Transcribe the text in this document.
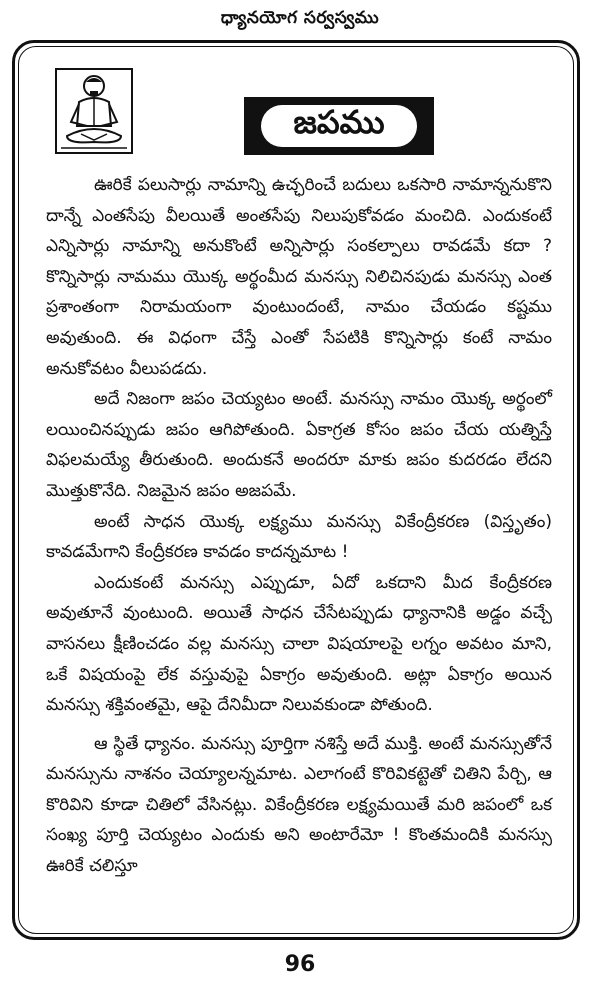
ధ్యానయోగ సర్వస్వము
జపము

ఊరికే పలుసార్లు నామాన్ని ఉచ్ఛరించే బదులు ఒకసారి నామాన్ననుకొని దాన్నే ఎంతసేపు వీలయితే అంతసేపు నిలుపుకోవడం మంచిది. ఎందుకంటే ఎన్నిసార్లు నామాన్ని అనుకొంటే అన్నిసార్లు సంకల్పాలు రావడమే కదా ? కొన్నిసార్లు నామము యొక్క అర్థంమీద మనస్సు నిలిచినపుడు మనస్సు ఎంత ప్రశాంతంగా నిరామయంగా వుంటుందంటే, నామం చేయడం కష్టము అవుతుంది. ఈ విధంగా చేస్తే ఎంతో సేపటికి కొన్నిసార్లు కంటే నామం అనుకోవటం వీలుపడదు.

అదే నిజంగా జపం చెయ్యటం అంటే. మనస్సు నామం యొక్క అర్థంలో లయించినప్పుడు జపం ఆగిపోతుంది. ఏకాగ్రత కోసం జపం చేయ యత్నిస్తే విఫలమయ్యే తీరుతుంది. అందుకనే అందరూ మాకు జపం కుదరడం లేదని మొత్తుకొనేది. నిజమైన జపం అజపమే.

అంటే సాధన యొక్క లక్ష్యము మనస్సు వికేంద్రీకరణ (విస్తృతం) కావడమేగాని కేంద్రీకరణ కావడం కాదన్నమాట !

ఎందుకంటే మనస్సు ఎప్పుడూ, ఏదో ఒకదాని మీద కేంద్రీకరణ అవుతూనే వుంటుంది. అయితే సాధన చేసేటప్పుడు ధ్యానానికి అడ్డం వచ్చే వాసనలు క్షీణించడం వల్ల మనస్సు చాలా విషయాలపై లగ్నం అవటం మాని, ఒకే విషయంపై లేక వస్తువుపై ఏకాగ్రం అవుతుంది. అట్లా ఏకాగ్రం అయిన మనస్సు శక్తివంతమై, ఆపై దేనిమీదా నిలువకుండా పోతుంది.

ఆ స్థితే ధ్యానం. మనస్సు పూర్తిగా నశిస్తే అదే ముక్తి. అంటే మనస్సుతోనే మనస్సును నాశనం చెయ్యాలన్నమాట. ఎలాగంటే కొరివికట్టెతో చితిని పేర్చి, ఆ కొరివిని కూడా చితిలో వేసినట్లు. వికేంద్రీకరణ లక్ష్యమయితే మరి జపంలో ఒక సంఖ్య పూర్తి చెయ్యటం ఎందుకు అని అంటారేమో ! కొంతమందికి మనస్సు ఊరికే చలిస్తూ

96
